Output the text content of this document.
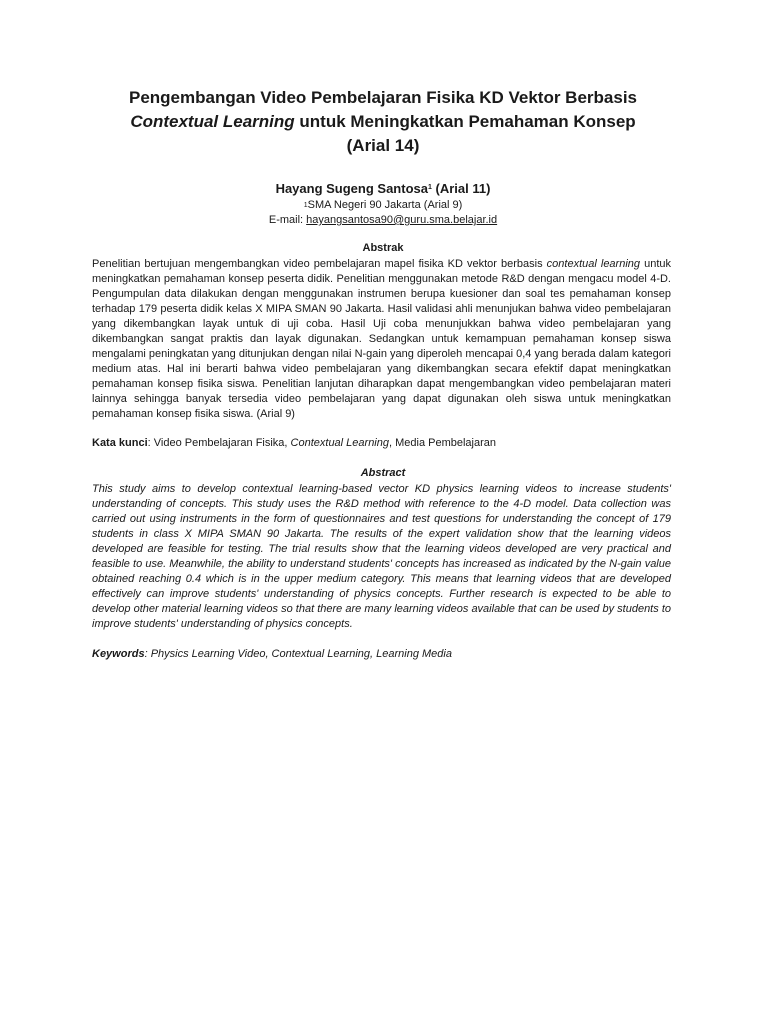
Pengembangan Video Pembelajaran Fisika KD Vektor Berbasis

Contextual Learning untuk Meningkatkan Pemahaman Konsep

(Arial 14)

Hayang Sugeng Santosa$^1$ (Arial 11)
$^1$SMA Negeri 90 Jakarta (Arial 9)
E-mail: hayangsantosa90@guru.sma.belajar.id
Abstrak

Penelitian bertujuan mengembangkan video pembelajaran mapel fisika KD vektor berbasis contextual learning untuk meningkatkan pemahaman konsep peserta didik. Penelitian menggunakan metode R&D dengan mengacu model 4-D. Pengumpulan data dilakukan dengan menggunakan instrumen berupa kuesioner dan soal tes pemahaman konsep terhadap 179 peserta didik kelas X MIPA SMAN 90 Jakarta. Hasil validasi ahli menunjukan bahwa video pembelajaran yang dikembangkan layak untuk di uji coba. Hasil Uji coba menunjukkan bahwa video pembelajaran yang dikembangkan sangat praktis dan layak digunakan. Sedangkan untuk kemampuan pemahaman konsep siswa mengalami peningkatan yang ditunjukan dengan nilai N-gain yang diperoleh mencapai 0,4 yang berada dalam kategori medium atas. Hal ini berarti bahwa video pembelajaran yang dikembangkan secara efektif dapat meningkatkan pemahaman konsep fisika siswa. Penelitian lanjutan diharapkan dapat mengembangkan video pembelajaran materi lainnya sehingga banyak tersedia video pembelajaran yang dapat digunakan oleh siswa untuk meningkatkan pemahaman konsep fisika siswa. (Arial 9)

Kata kunci: Video Pembelajaran Fisika, Contextual Learning, Media Pembelajaran

Abstract

This study aims to develop contextual learning-based vector KD physics learning videos to increase students' understanding of concepts. This study uses the R&D method with reference to the 4-D model. Data collection was carried out using instruments in the form of questionnaires and test questions for understanding the concept of 179 students in class X MIPA SMAN 90 Jakarta. The results of the expert validation show that the learning videos developed are feasible for testing. The trial results show that the learning videos developed are very practical and feasible to use. Meanwhile, the ability to understand students' concepts has increased as indicated by the N-gain value obtained reaching 0.4 which is in the upper medium category. This means that learning videos that are developed effectively can improve students' understanding of physics concepts. Further research is expected to be able to develop other material learning videos so that there are many learning videos available that can be used by students to improve students' understanding of physics concepts.

Keywords: Physics Learning Video, Contextual Learning, Learning Media
